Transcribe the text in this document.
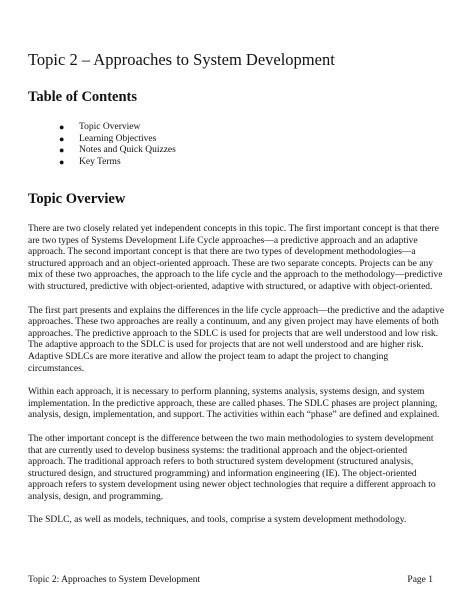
Topic 2 – Approaches to System Development
Table of Contents
● Topic Overview
● Learning Objectives
● Notes and Quick Quizzes
● Key Terms
Topic Overview

There are two closely related yet independent concepts in this topic. The first important concept is that there are two types of Systems Development Life Cycle approaches—a predictive approach and an adaptive approach. The second important concept is that there are two types of development methodologies—a structured approach and an object-oriented approach. These are two separate concepts. Projects can be any mix of these two approaches, the approach to the life cycle and the approach to the methodology—predictive with structured, predictive with object-oriented, adaptive with structured, or adaptive with object-oriented.

The first part presents and explains the differences in the life cycle approach—the predictive and the adaptive approaches. These two approaches are really a continuum, and any given project may have elements of both approaches. The predictive approach to the SDLC is used for projects that are well understood and low risk. The adaptive approach to the SDLC is used for projects that are not well understood and are higher risk. Adaptive SDLCs are more iterative and allow the project team to adapt the project to changing circumstances.

Within each approach, it is necessary to perform planning, systems analysis, systems design, and system implementation. In the predictive approach, these are called phases. The SDLC phases are project planning, analysis, design, implementation, and support. The activities within each “phase” are defined and explained.

The other important concept is the difference between the two main methodologies to system development that are currently used to develop business systems: the traditional approach and the object-oriented approach. The traditional approach refers to both structured system development (structured analysis, structured design, and structured programming) and information engineering (IE). The object-oriented approach refers to system development using newer object technologies that require a different approach to analysis, design, and programming.

The SDLC, as well as models, techniques, and tools, comprise a system development methodology.

Topic 2: Approaches to System Development	Page 1
